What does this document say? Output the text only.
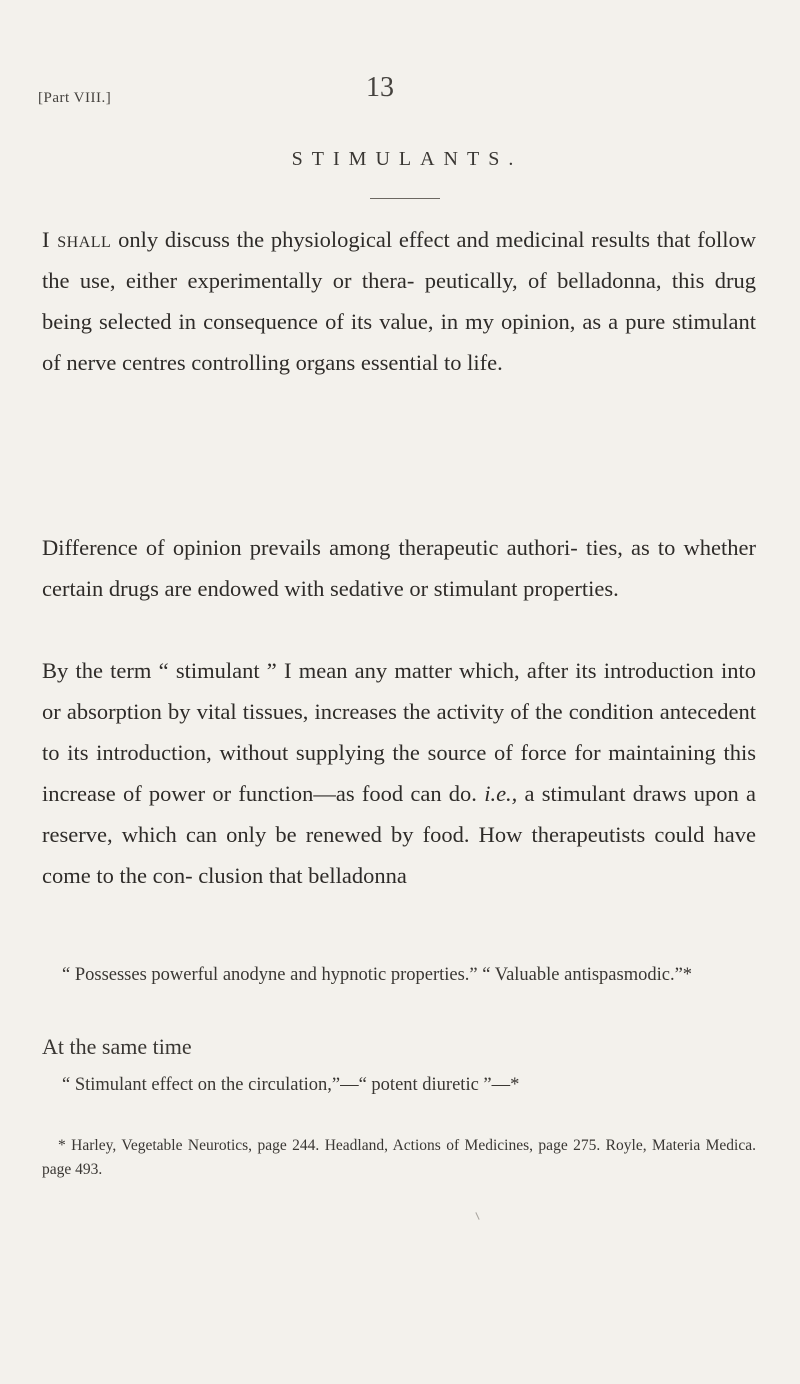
[Part VIII.]	13
STIMULANTS.

I shall only discuss the physiological effect and medicinal results that follow the use, either experimentally or thera- peutically, of belladonna, this drug being selected in consequence of its value, in my opinion, as a pure stimulant of nerve centres controlling organs essential to life.

Difference of opinion prevails among therapeutic authori- ties, as to whether certain drugs are endowed with sedative or stimulant properties.

By the term “ stimulant ” I mean any matter which, after its introduction into or absorption by vital tissues, increases the activity of the condition antecedent to its introduction, without supplying the source of force for maintaining this increase of power or function—as food can do. i.e., a stimulant draws upon a reserve, which can only be renewed by food. How therapeutists could have come to the con- clusion that belladonna

“ Possesses powerful anodyne and hypnotic properties.” “ Valuable antispasmodic.”*

At the same time

“ Stimulant effect on the circulation,”—“ potent diuretic ”—*

* Harley, Vegetable Neurotics, page 244. Headland, Actions of Medicines, page 275. Royle, Materia Medica. page 493.
